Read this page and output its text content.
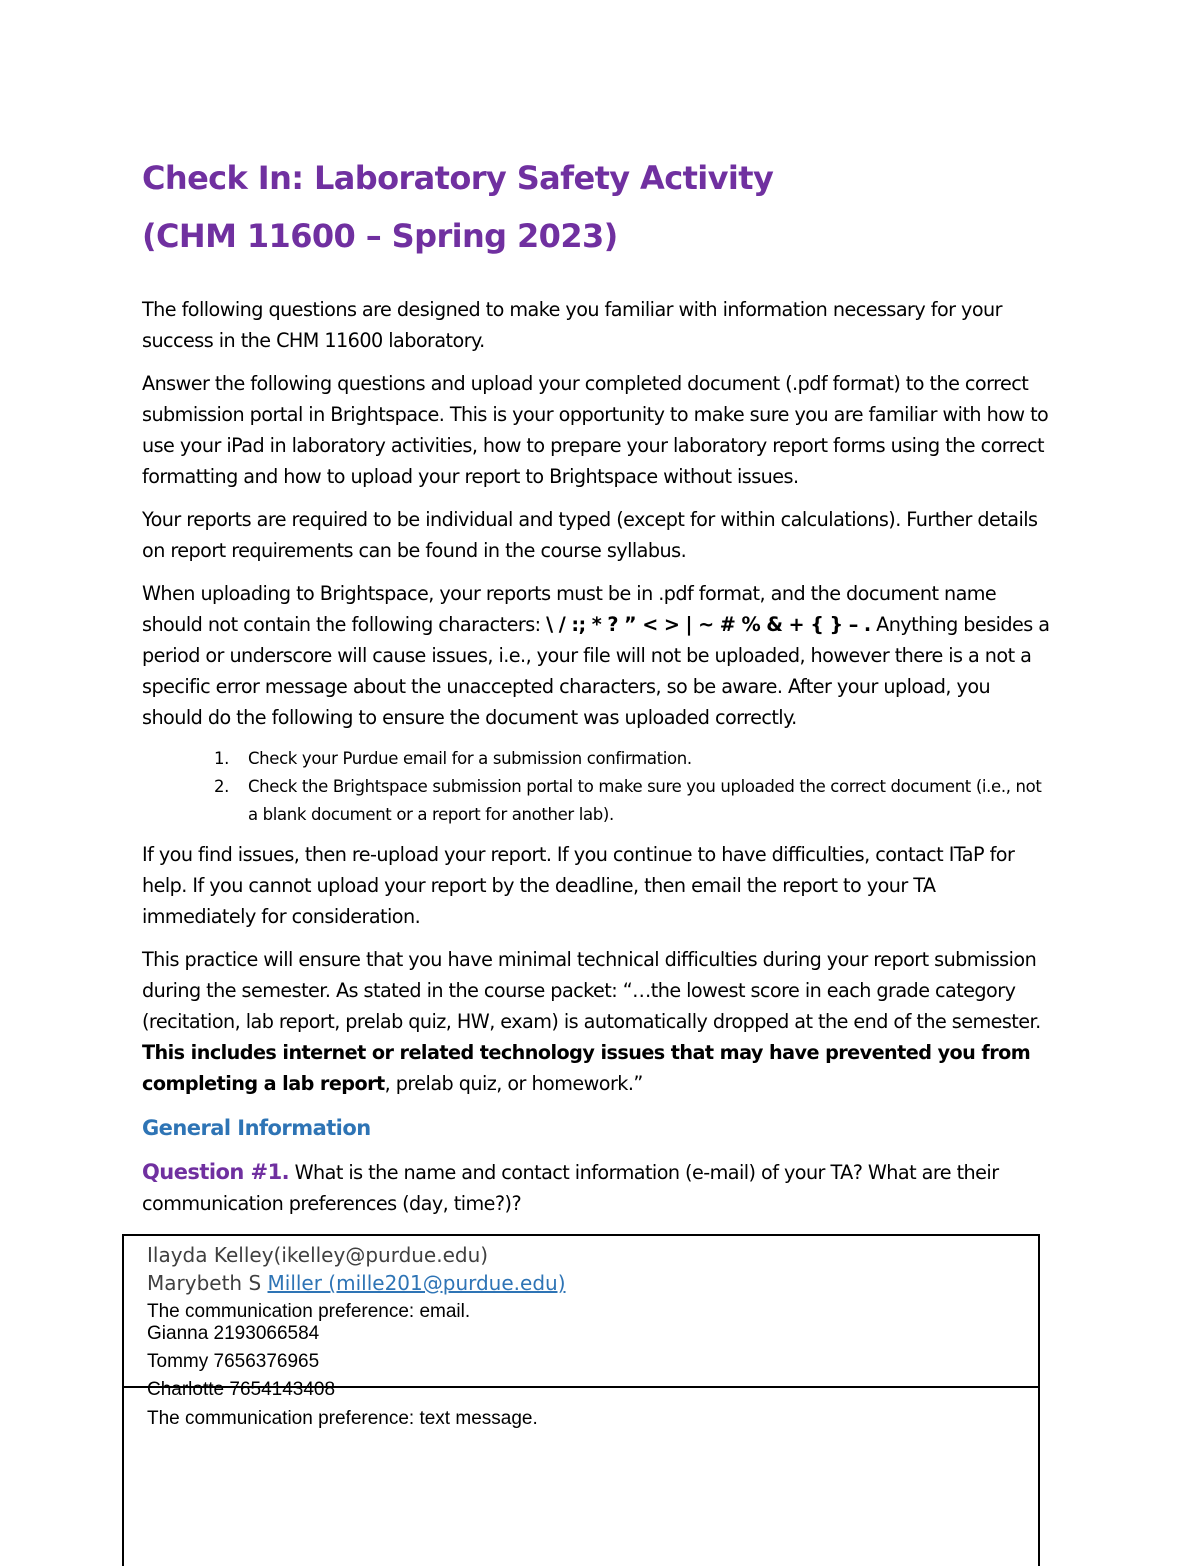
Check In: Laboratory Safety Activity
(CHM 11600 – Spring 2023)

The following questions are designed to make you familiar with information necessary for your success in the CHM 11600 laboratory.

Answer the following questions and upload your completed document (.pdf format) to the correct submission portal in Brightspace. This is your opportunity to make sure you are familiar with how to use your iPad in laboratory activities, how to prepare your laboratory report forms using the correct formatting and how to upload your report to Brightspace without issues.

Your reports are required to be individual and typed (except for within calculations). Further details on report requirements can be found in the course syllabus.

When uploading to Brightspace, your reports must be in .pdf format, and the document name should not contain the following characters: \ / :; * ? ” < > | ~ # % & + { } – . Anything besides a period or underscore will cause issues, i.e., your file will not be uploaded, however there is a not a specific error message about the unaccepted characters, so be aware. After your upload, you should do the following to ensure the document was uploaded correctly.

1. Check your Purdue email for a submission confirmation.
2. Check the Brightspace submission portal to make sure you uploaded the correct document (i.e., not a blank document or a report for another lab).

If you find issues, then re-upload your report. If you continue to have difficulties, contact ITaP for help. If you cannot upload your report by the deadline, then email the report to your TA immediately for consideration.

This practice will ensure that you have minimal technical difficulties during your report submission during the semester. As stated in the course packet: “…the lowest score in each grade category (recitation, lab report, prelab quiz, HW, exam) is automatically dropped at the end of the semester. This includes internet or related technology issues that may have prevented you from completing a lab report, prelab quiz, or homework.”

General Information

Question #1. What is the name and contact information (e-mail) of your TA? What are their communication preferences (day, time?)?

Ilayda Kelley(ikelley@purdue.edu)
Marybeth S Miller (mille201@purdue.edu)
The communication preference: email.
Gianna 2193066584
Tommy 7656376965
Charlotte 7654143408
The communication preference: text message.
